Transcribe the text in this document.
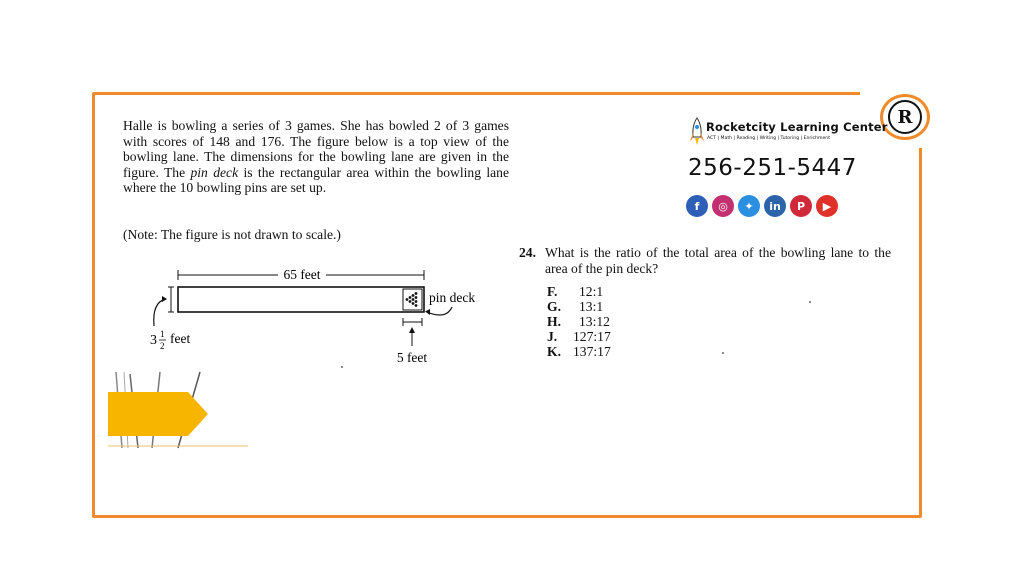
R
Halle is bowling a series of 3 games. She has bowled 2 of 3 games with scores of 148 and 176. The figure below is a top view of the bowling lane. The dimensions for the bowling lane are given in the figure. The pin deck is the rectangular area within the bowling lane where the 10 bowling pins are set up.
(Note: The figure is not drawn to scale.)
65 feet
3 1
2 feet
pin deck
5 feet
Rocketcity Learning Center
ACT | Math | Reading | Writing | Tutoring | Enrichment
256-251-5447
f	◎	✦	in	P	▶
24. What is the ratio of the total area of the bowling lane to the area of the pin deck?
F.	12:1
G.	13:1
H.	13:12
J.	127:17
K. 137:17
